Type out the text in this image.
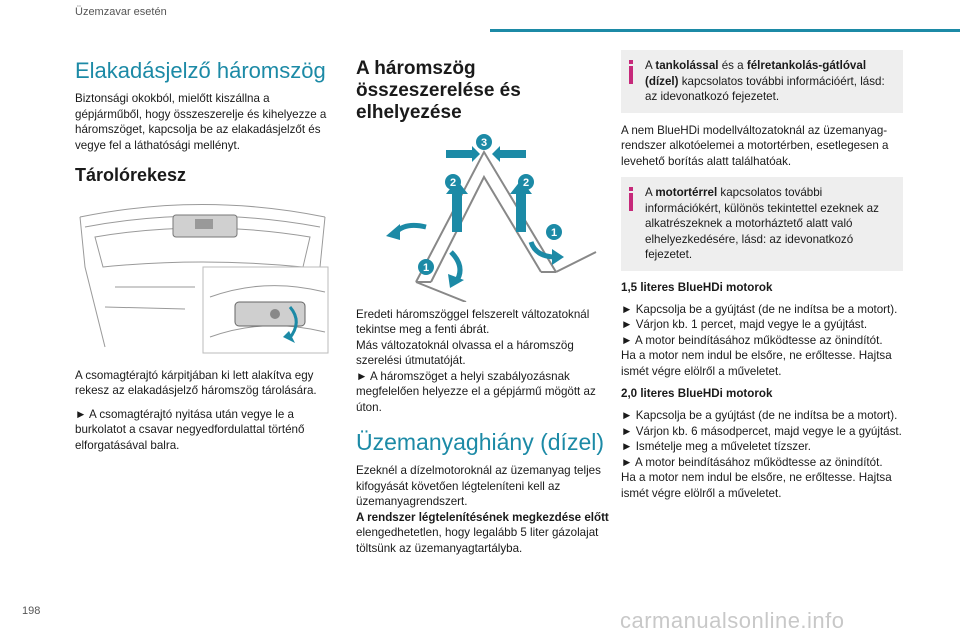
Üzemzavar esetén
Elakadásjelző háromszög

Biztonsági okokból, mielőtt kiszállna a gépjárműből, hogy összeszerelje és kihelyezze a háromszöget, kapcsolja be az elakadásjelzőt és vegye fel a láthatósági mellényt.

Tárolórekesz

A csomagtérajtó kárpitjában ki lett alakítva egy rekesz az elakadásjelző háromszög tárolására.

► A csomagtérajtó nyitása után vegye le a burkolatot a csavar negyedfordulattal történő elforgatásával balra.

A háromszög összeszerelése és elhelyezése
3
2	2
1
1

Eredeti háromszöggel felszerelt változatoknál tekintse meg a fenti ábrát.

Más változatoknál olvassa el a háromszög szerelési útmutatóját.

► A háromszöget a helyi szabályozásnak megfelelően helyezze el a gépjármű mögött az úton.

Üzemanyaghiány (dízel)

Ezeknél a dízelmotoroknál az üzemanyag teljes kifogyását követően légteleníteni kell az üzemanyagrendszert.

A rendszer légtelenítésének megkezdése előtt elengedhetetlen, hogy legalább 5 liter gázolajat töltsünk az üzemanyagtartályba.

A tankolással és a félretankolás-gátlóval (dízel) kapcsolatos további információért, lásd: az idevonatkozó fejezetet.

A nem BlueHDi modellváltozatoknál az üzemanyag-rendszer alkotóelemei a motortérben, esetlegesen a levehető borítás alatt találhatóak.

A motortérrel kapcsolatos további információkért, különös tekintettel ezeknek az alkatrészeknek a motorháztető alatt való elhelyezkedésére, lásd: az idevonatkozó fejezetet.
1,5 literes BlueHDi motorok

► Kapcsolja be a gyújtást (de ne indítsa be a motort).

► Várjon kb. 1 percet, majd vegye le a gyújtást.

► A motor beindításához működtesse az önindítót.

Ha a motor nem indul be elsőre, ne erőltesse. Hajtsa ismét végre elölről a műveletet.

2,0 literes BlueHDi motorok

► Kapcsolja be a gyújtást (de ne indítsa be a motort).

► Várjon kb. 6 másodpercet, majd vegye le a gyújtást.

► Ismételje meg a műveletet tízszer.

► A motor beindításához működtesse az önindítót.

Ha a motor nem indul be elsőre, ne erőltesse. Hajtsa ismét végre elölről a műveletet.

198	carmanualsonline.info
